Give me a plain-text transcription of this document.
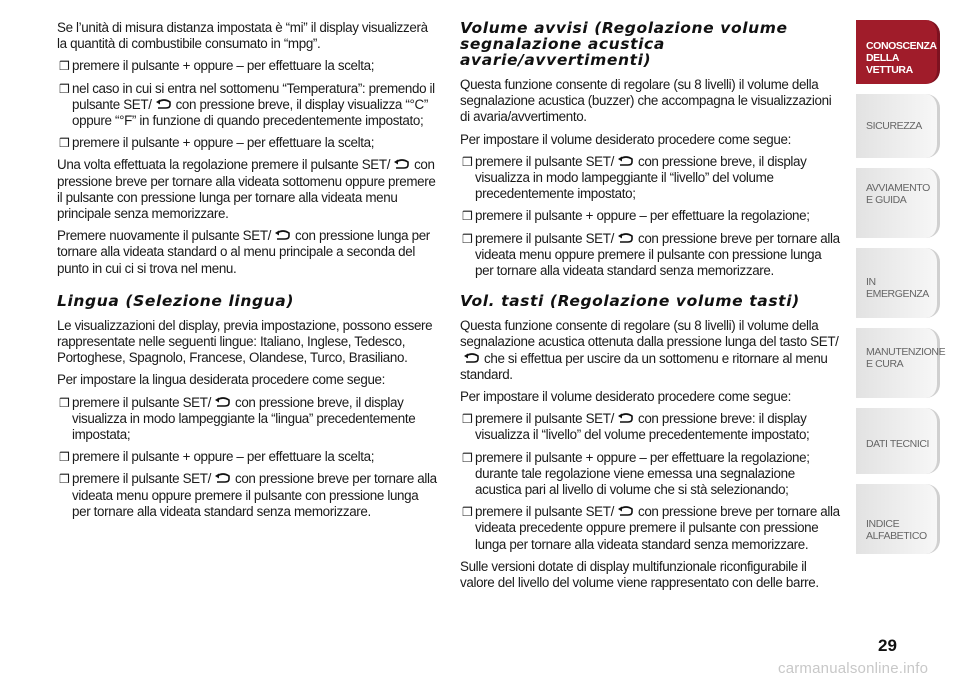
Se l’unità di misura distanza impostata è “mi” il display visualizzerà la quantità di combustibile consumato in “mpg”.

❒ premere il pulsante + oppure – per effettuare la scelta;
❒ nel caso in cui si entra nel sottomenu “Temperatura”: premendo il pulsante SET/ con pressione breve, il display visualizza “°C” oppure “°F” in funzione di quando precedentemente impostato;
❒ premere il pulsante + oppure – per effettuare la scelta;

Una volta effettuata la regolazione premere il pulsante SET/ con pressione breve per tornare alla videata sottomenu oppure premere il pulsante con pressione lunga per tornare alla videata menu principale senza memorizzare.

Premere nuovamente il pulsante SET/ con pressione lunga per tornare alla videata standard o al menu principale a seconda del punto in cui ci si trova nel menu.

Lingua (Selezione lingua)

Le visualizzazioni del display, previa impostazione, possono essere rappresentate nelle seguenti lingue: Italiano, Inglese, Tedesco, Portoghese, Spagnolo, Francese, Olandese, Turco, Brasiliano.

Per impostare la lingua desiderata procedere come segue:

❒ premere il pulsante SET/ con pressione breve, il display visualizza in modo lampeggiante la “lingua” precedentemente impostata;
❒ premere il pulsante + oppure – per effettuare la scelta;
❒ premere il pulsante SET/ con pressione breve per tornare alla videata menu oppure premere il pulsante con pressione lunga per tornare alla videata standard senza memorizzare.
Volume avvisi (Regolazione volume segnalazione acustica avarie/avvertimenti)

Questa funzione consente di regolare (su 8 livelli) il volume della segnalazione acustica (buzzer) che accompagna le visualizzazioni di avaria/avvertimento.

Per impostare il volume desiderato procedere come segue:

❒ premere il pulsante SET/ con pressione breve, il display visualizza in modo lampeggiante il “livello” del volume precedentemente impostato;
❒ premere il pulsante + oppure – per effettuare la regolazione;
❒ premere il pulsante SET/ con pressione breve per tornare alla videata menu oppure premere il pulsante con pressione lunga per tornare alla videata standard senza memorizzare.
Vol. tasti (Regolazione volume tasti)

Questa funzione consente di regolare (su 8 livelli) il volume della segnalazione acustica ottenuta dalla pressione lunga del tasto SET/
che si effettua per uscire da un sottomenu e ritornare al menu standard.

Per impostare il volume desiderato procedere come segue:

❒ premere il pulsante SET/ con pressione breve: il display visualizza il “livello” del volume precedentemente impostato;
❒ premere il pulsante + oppure – per effettuare la regolazione; durante tale regolazione viene emessa una segnalazione acustica pari al livello di volume che si stà selezionando;
❒ premere il pulsante SET/ con pressione breve per tornare alla videata precedente oppure premere il pulsante con pressione lunga per tornare alla videata standard senza memorizzare.

Sulle versioni dotate di display multifunzionale riconfigurabile il valore del livello del volume viene rappresentato con delle barre.

CONOSCENZA DELLA VETTURA
SICUREZZA
AVVIAMENTO E GUIDA
IN EMERGENZA
MANUTENZIONE E CURA
DATI TECNICI
INDICE ALFABETICO
29
carmanualsonline.info
